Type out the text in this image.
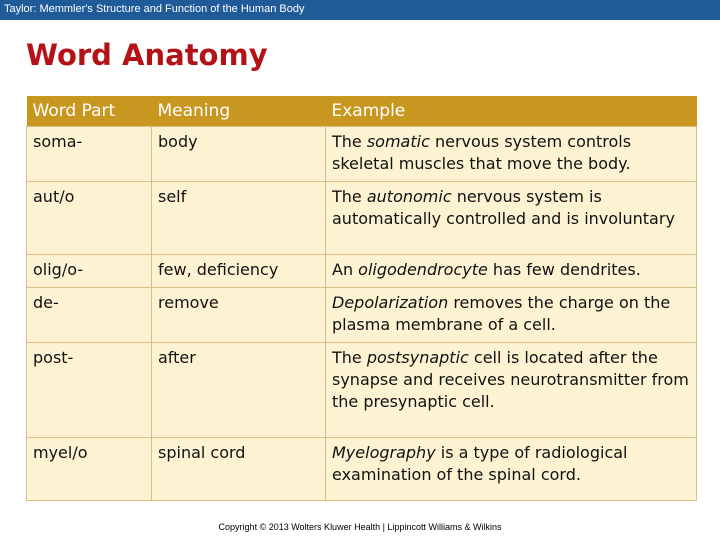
Taylor: Memmler's Structure and Function of the Human Body
Word Anatomy
Word Part	Meaning	Example
soma-	body	The somatic nervous system controls skeletal muscles that move the body.
aut/o	self	The autonomic nervous system is automatically controlled and is involuntary
olig/o-	few, deficiency	An oligodendrocyte has few dendrites.
de-	remove	Depolarization removes the charge on the plasma membrane of a cell.
post-	after	The postsynaptic cell is located after the synapse and receives neurotransmitter from the presynaptic cell.
myel/o	spinal cord	Myelography is a type of radiological examination of the spinal cord.
Copyright © 2013 Wolters Kluwer Health | Lippincott Williams & Wilkins
